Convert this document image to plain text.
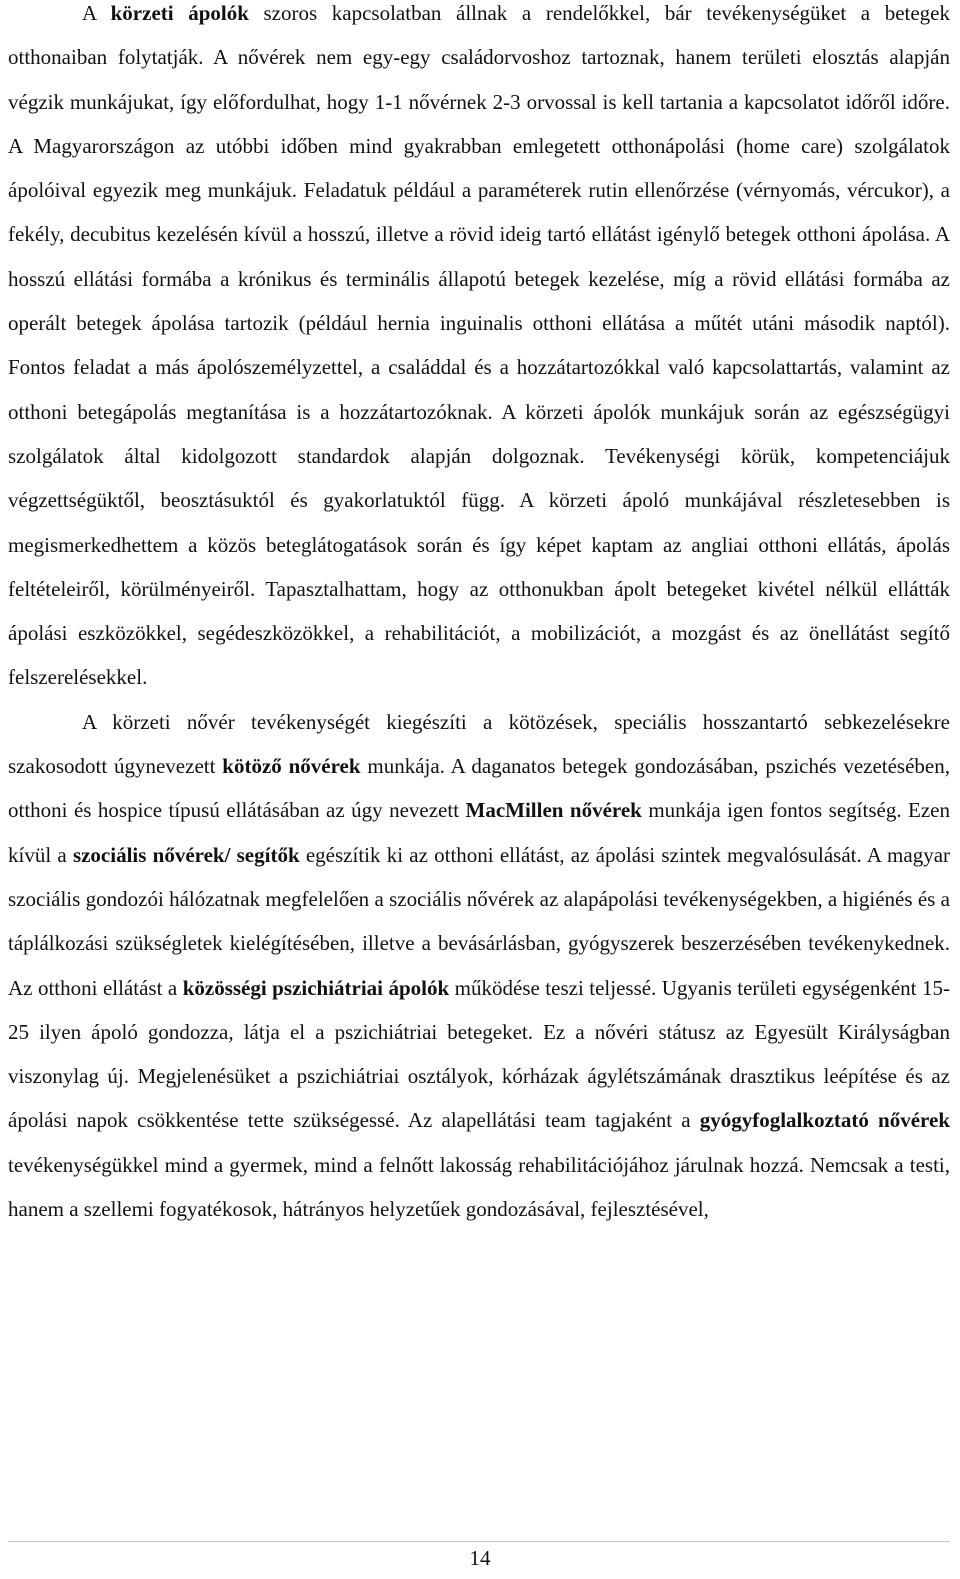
A körzeti ápolók szoros kapcsolatban állnak a rendelőkkel, bár tevékenységüket a betegek otthonaiban folytatják. A nővérek nem egy-egy családorvoshoz tartoznak, hanem területi elosztás alapján végzik munkájukat, így előfordulhat, hogy 1-1 nővérnek 2-3 orvossal is kell tartania a kapcsolatot időről időre. A Magyarországon az utóbbi időben mind gyakrabban emlegetett otthonápolási (home care) szolgálatok ápolóival egyezik meg munkájuk. Feladatuk például a paraméterek rutin ellenőrzése (vérnyomás, vércukor), a fekély, decubitus kezelésén kívül a hosszú, illetve a rövid ideig tartó ellátást igénylő betegek otthoni ápolása. A hosszú ellátási formába a krónikus és terminális állapotú betegek kezelése, míg a rövid ellátási formába az operált betegek ápolása tartozik (például hernia inguinalis otthoni ellátása a műtét utáni második naptól). Fontos feladat a más ápolószemélyzettel, a családdal és a hozzátartozókkal való kapcsolattartás, valamint az otthoni betegápolás megtanítása is a hozzátartozóknak. A körzeti ápolók munkájuk során az egészségügyi szolgálatok által kidolgozott standardok alapján dolgoznak. Tevékenységi körük, kompetenciájuk végzettségüktől, beosztásuktól és gyakorlatuktól függ. A körzeti ápoló munkájával részletesebben is megismerkedhettem a közös beteglátogatások során és így képet kaptam az angliai otthoni ellátás, ápolás feltételeiről, körülményeiről. Tapasztalhattam, hogy az otthonukban ápolt betegeket kivétel nélkül ellátták ápolási eszközökkel, segédeszközökkel, a rehabilitációt, a mobilizációt, a mozgást és az önellátást segítő felszerelésekkel.

A körzeti nővér tevékenységét kiegészíti a kötözések, speciális hosszantartó sebkezelésekre szakosodott úgynevezett kötöző nővérek munkája. A daganatos betegek gondozásában, pszichés vezetésében, otthoni és hospice típusú ellátásában az úgy nevezett MacMillen nővérek munkája igen fontos segítség. Ezen kívül a szociális nővérek/ segítők egészítik ki az otthoni ellátást, az ápolási szintek megvalósulását. A magyar szociális gondozói hálózatnak megfelelően a szociális nővérek az alapápolási tevékenységekben, a higiénés és a táplálkozási szükségletek kielégítésében, illetve a bevásárlásban, gyógyszerek beszerzésében tevékenykednek. Az otthoni ellátást a közösségi pszichiátriai ápolók működése teszi teljessé. Ugyanis területi egységenként 15-25 ilyen ápoló gondozza, látja el a pszichiátriai betegeket. Ez a nővéri státusz az Egyesült Királyságban viszonylag új. Megjelenésüket a pszichiátriai osztályok, kórházak ágylétszámának drasztikus leépítése és az ápolási napok csökkentése tette szükségessé. Az alapellátási team tagjaként a gyógyfoglalkoztató nővérek tevékenységükkel mind a gyermek, mind a felnőtt lakosság rehabilitációjához járulnak hozzá. Nemcsak a testi, hanem a szellemi fogyatékosok, hátrányos helyzetűek gondozásával, fejlesztésével,

14
